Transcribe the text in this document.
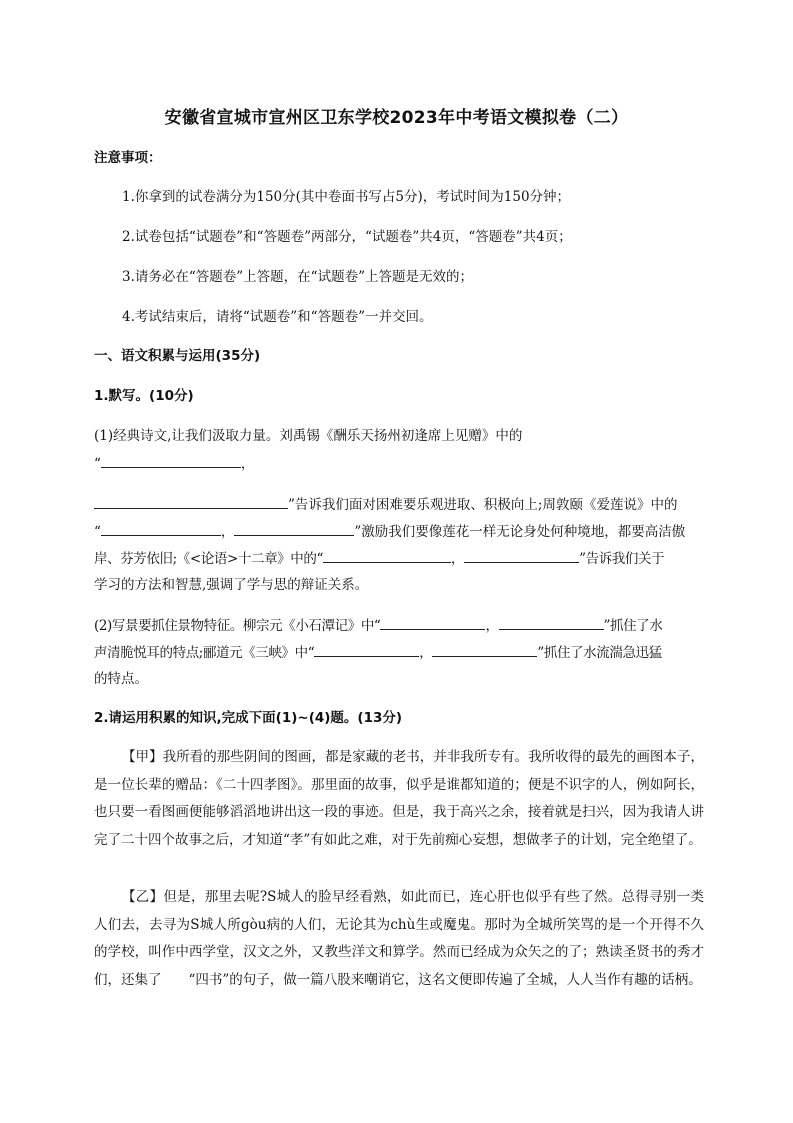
安徽省宣城市宣州区卫东学校2023年中考语文模拟卷（二）
注意事项：
1.你拿到的试卷满分为150分(其中卷面书写占5分)，考试时间为150分钟；
2.试卷包括“试题卷”和“答题卷”两部分，“试题卷”共4页，“答题卷”共4页；
3.请务必在“答题卷”上答题，在“试题卷”上答题是无效的；
4.考试结束后，请将“试题卷”和“答题卷”一并交回。
一、语文积累与运用(35分)
1.默写。(10分)
(1)经典诗文,让我们汲取力量。刘禹锡《酬乐天扬州初逢席上见赠》中的
“	，
”告诉我们面对困难要乐观进取、积极向上;周敦颐《爱莲说》中的
“	，	”激励我们要像莲花一样无论身处何种境地，都要高洁傲
岸、芬芳依旧;《<论语>十二章》中的“	，	”告诉我们关于
学习的方法和智慧,强调了学与思的辩证关系。
(2)写景要抓住景物特征。柳宗元《小石潭记》中“	，	”抓住了水
声清脆悦耳的特点;郦道元《三峡》中“	，	”抓住了水流湍急迅猛
的特点。
2.请运用积累的知识,完成下面(1)~(4)题。(13分)
【甲】我所看的那些阴间的图画，都是家藏的老书，并非我所专有。我所收得的最先的画图本子，是一位长辈的赠品：《二十四孝图》。那里面的故事，似乎是谁都知道的；便是不识字的人，例如阿长，也只要一看图画便能够滔滔地讲出这一段的事迹。但是，我于高兴之余，接着就是扫兴，因为我请人讲完了二十四个故事之后，才知道“孝”有如此之难，对于先前痴心妄想，想做孝子的计划，完全绝望了。
【乙】但是，那里去呢?S城人的脸早经看熟，如此而已，连心肝也似乎有些了然。总得寻别一类人们去，去寻为S城人所gòu病的人们，无论其为chù生或魔鬼。那时为全城所笑骂的是一个开得不久的学校，叫作中西学堂，汉文之外，又教些洋文和算学。然而已经成为众矢之的了；熟读圣贤书的秀才们，还集了　　“四书”的句子，做一篇八股来嘲诮它，这名文便即传遍了全城，人人当作有趣的话柄。
